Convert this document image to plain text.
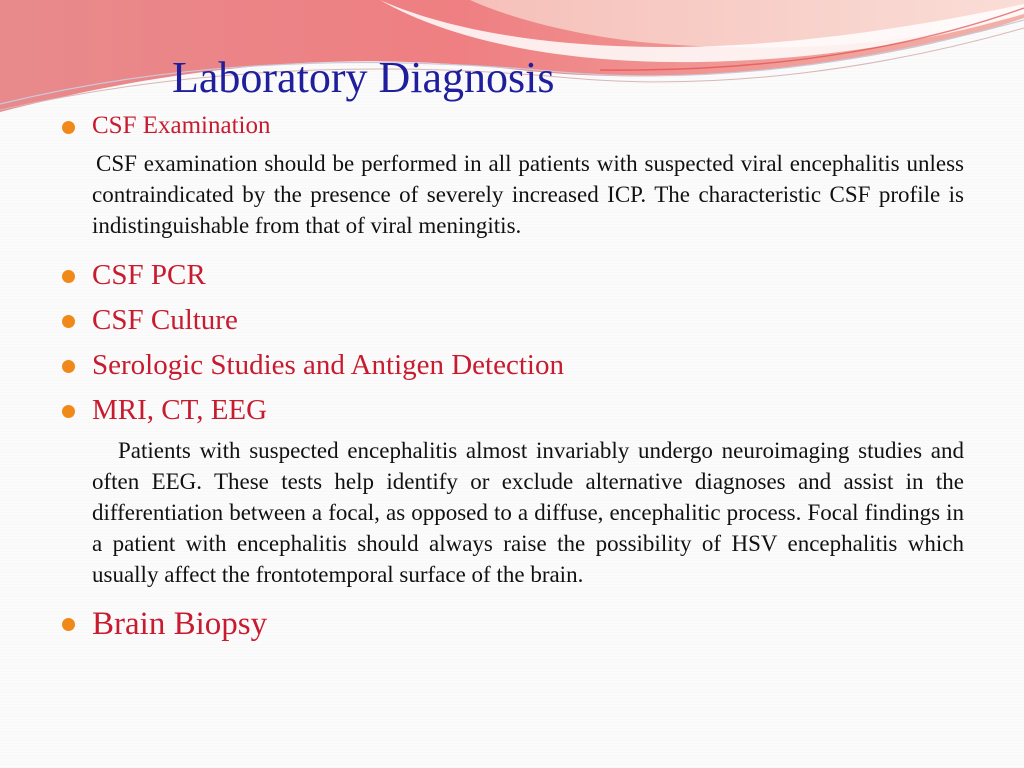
Laboratory Diagnosis
CSF Examination

CSF examination should be performed in all patients with suspected viral encephalitis unless contraindicated by the presence of severely increased ICP. The characteristic CSF profile is indistinguishable from that of viral meningitis.

CSF PCR
CSF Culture
Serologic Studies and Antigen Detection
MRI, CT, EEG

Patients with suspected encephalitis almost invariably undergo neuroimaging studies and often EEG. These tests help identify or exclude alternative diagnoses and assist in the differentiation between a focal, as opposed to a diffuse, encephalitic process. Focal findings in a patient with encephalitis should always raise the possibility of HSV encephalitis which usually affect the frontotemporal surface of the brain.

Brain Biopsy
